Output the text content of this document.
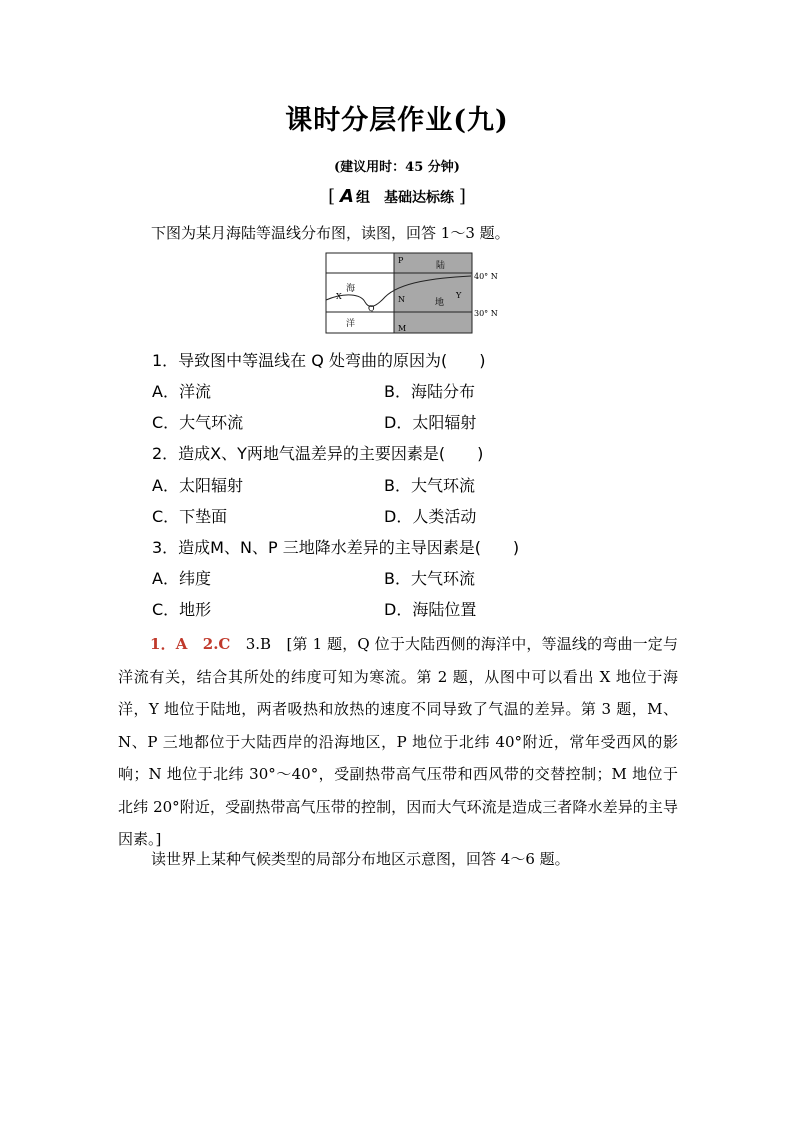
课时分层作业(九)
(建议用时：45 分钟)
[ A 组 基础达标练 ]
下图为某月海陆等温线分布图，读图，回答 1～3 题。
P
陆
N	地
Y
M
海
洋
X
Q
40° N
30° N
1．导致图中等温线在 Q 处弯曲的原因为(　　)
A．洋流	B．海陆分布
C．大气环流	D．太阳辐射
2．造成X、Y两地气温差异的主要因素是(　　)
A．太阳辐射	B．大气环流
C．下垫面	D．人类活动
3．造成M、N、P 三地降水差异的主导因素是(　　)
A．纬度	B．大气环流
C．地形	D．海陆位置
1．A　2.C　 3.B　 [第 1 题，Q 位于大陆西侧的海洋中，等温线的弯曲一定与洋流有关，结合其所处的纬度可知为寒流。第 2 题，从图中可以看出 X 地位于海洋，Y 地位于陆地，两者吸热和放热的速度不同导致了气温的差异。第 3 题，M、N、P 三地都位于大陆西岸的沿海地区，P 地位于北纬 40°附近，常年受西风的影响；N 地位于北纬 30°～40°，受副热带高气压带和西风带的交替控制；M 地位于北纬 20°附近，受副热带高气压带的控制，因而大气环流是造成三者降水差异的主导因素。]
读世界上某种气候类型的局部分布地区示意图，回答 4～6 题。
